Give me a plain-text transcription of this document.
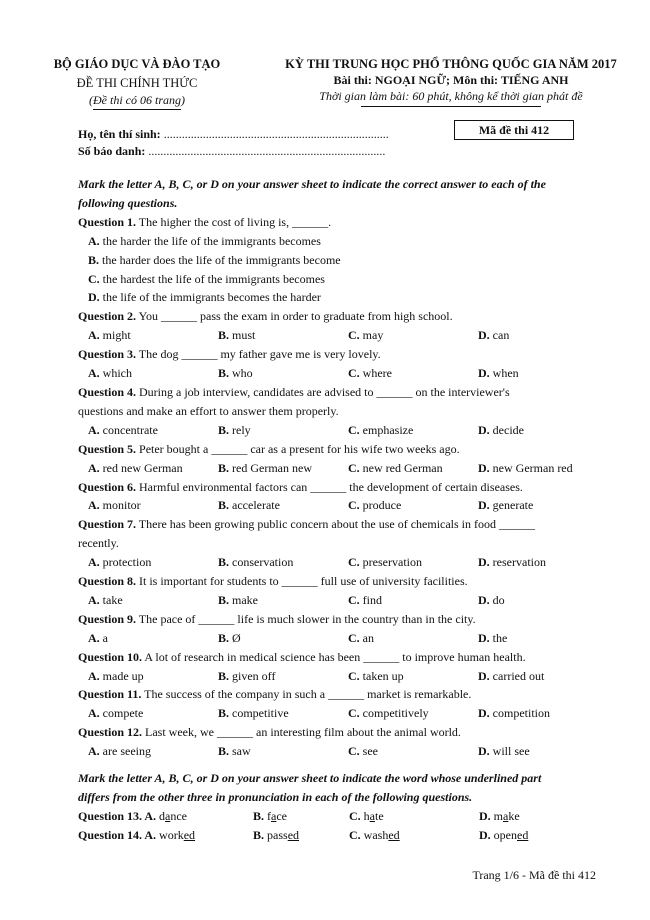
BỘ GIÁO DỤC VÀ ĐÀO TẠO
ĐỀ THI CHÍNH THỨC
(Đề thi có 06 trang)
KỲ THI TRUNG HỌC PHỔ THÔNG QUỐC GIA NĂM 2017
Bài thi: NGOẠI NGỮ; Môn thi: TIẾNG ANH
Thời gian làm bài: 60 phút, không kể thời gian phát đề
Họ, tên thí sinh: ...........................................................................
Số báo danh: ...............................................................................
Mã đề thi 412
Mark the letter A, B, C, or D on your answer sheet to indicate the correct answer to each of the
following questions.
Question 1. The higher the cost of living is, ______.
A. the harder the life of the immigrants becomes
B. the harder does the life of the immigrants become
C. the hardest the life of the immigrants becomes
D. the life of the immigrants becomes the harder
Question 2. You ______ pass the exam in order to graduate from high school.
A. might	B. must	C. may	D. can
Question 3. The dog ______ my father gave me is very lovely.
A. which	B. who	C. where	D. when
Question 4. During a job interview, candidates are advised to ______ on the interviewer's
questions and make an effort to answer them properly.
A. concentrate	B. rely	C. emphasize	D. decide
Question 5. Peter bought a ______ car as a present for his wife two weeks ago.
A. red new German	B. red German new	C. new red German	D. new German red
Question 6. Harmful environmental factors can ______ the development of certain diseases.
A. monitor	B. accelerate	C. produce	D. generate
Question 7. There has been growing public concern about the use of chemicals in food ______
recently.
A. protection	B. conservation	C. preservation	D. reservation
Question 8. It is important for students to ______ full use of university facilities.
A. take	B. make	C. find	D. do
Question 9. The pace of ______ life is much slower in the country than in the city.
A. a	B. Ø	C. an	D. the
Question 10. A lot of research in medical science has been ______ to improve human health.
A. made up	B. given off	C. taken up	D. carried out
Question 11. The success of the company in such a ______ market is remarkable.
A. compete	B. competitive	C. competitively	D. competition
Question 12. Last week, we ______ an interesting film about the animal world.
A. are seeing	B. saw	C. see	D. will see
Mark the letter A, B, C, or D on your answer sheet to indicate the word whose underlined part
differs from the other three in pronunciation in each of the following questions.
Question 13. A. dance	B. face	C. hate	D. make
Question 14. A. worked	B. passed	C. washed	D. opened
Trang 1/6 - Mã đề thi 412
